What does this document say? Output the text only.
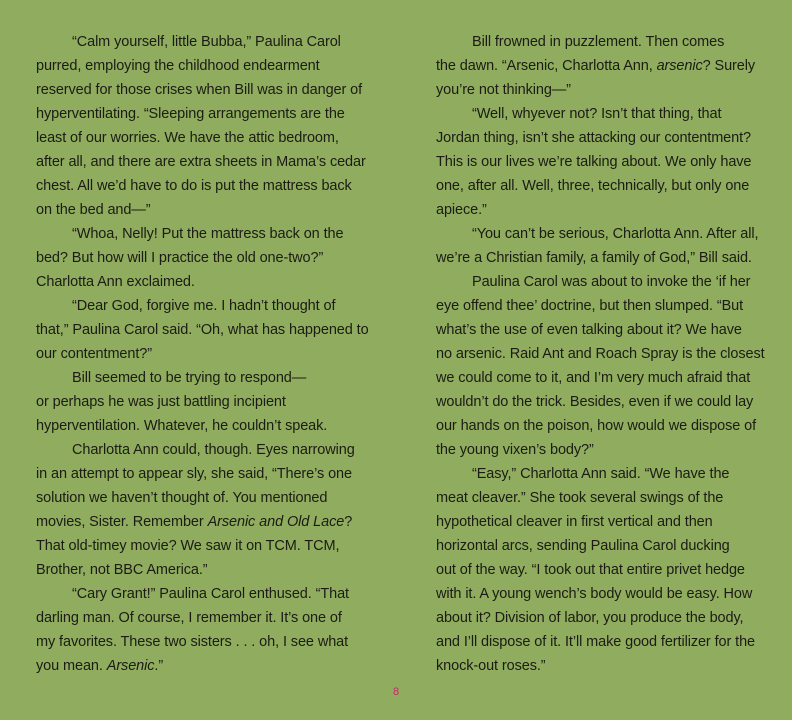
“Calm yourself, little Bubba,” Paulina Carol
purred, employing the childhood endearment
reserved for those crises when Bill was in danger of
hyperventilating. “Sleeping arrangements are the
least of our worries. We have the attic bedroom,
after all, and there are extra sheets in Mama’s cedar
chest. All we’d have to do is put the mattress back
on the bed and—”
“Whoa, Nelly! Put the mattress back on the
bed? But how will I practice the old one-two?”
Charlotta Ann exclaimed.
“Dear God, forgive me. I hadn’t thought of
that,” Paulina Carol said. “Oh, what has happened to
our contentment?”
Bill seemed to be trying to respond—
or perhaps he was just battling incipient
hyperventilation. Whatever, he couldn’t speak.
Charlotta Ann could, though. Eyes narrowing
in an attempt to appear sly, she said, “There’s one
solution we haven’t thought of. You mentioned
movies, Sister. Remember Arsenic and Old Lace?
That old-timey movie? We saw it on TCM. TCM,
Brother, not BBC America.”
“Cary Grant!” Paulina Carol enthused. “That
darling man. Of course, I remember it. It’s one of
my favorites. These two sisters . . . oh, I see what
you mean. Arsenic.”
Bill frowned in puzzlement. Then comes
the dawn. “Arsenic, Charlotta Ann, arsenic? Surely
you’re not thinking—”
“Well, whyever not? Isn’t that thing, that
Jordan thing, isn’t she attacking our contentment?
This is our lives we’re talking about. We only have
one, after all. Well, three, technically, but only one
apiece.”
“You can’t be serious, Charlotta Ann. After all,
we’re a Christian family, a family of God,” Bill said.
Paulina Carol was about to invoke the ‘if her
eye offend thee’ doctrine, but then slumped. “But
what’s the use of even talking about it? We have
no arsenic. Raid Ant and Roach Spray is the closest
we could come to it, and I’m very much afraid that
wouldn’t do the trick. Besides, even if we could lay
our hands on the poison, how would we dispose of
the young vixen’s body?”
“Easy,” Charlotta Ann said. “We have the
meat cleaver.” She took several swings of the
hypothetical cleaver in first vertical and then
horizontal arcs, sending Paulina Carol ducking
out of the way. “I took out that entire privet hedge
with it. A young wench’s body would be easy. How
about it? Division of labor, you produce the body,
and I’ll dispose of it. It’ll make good fertilizer for the
knock-out roses.”
8
